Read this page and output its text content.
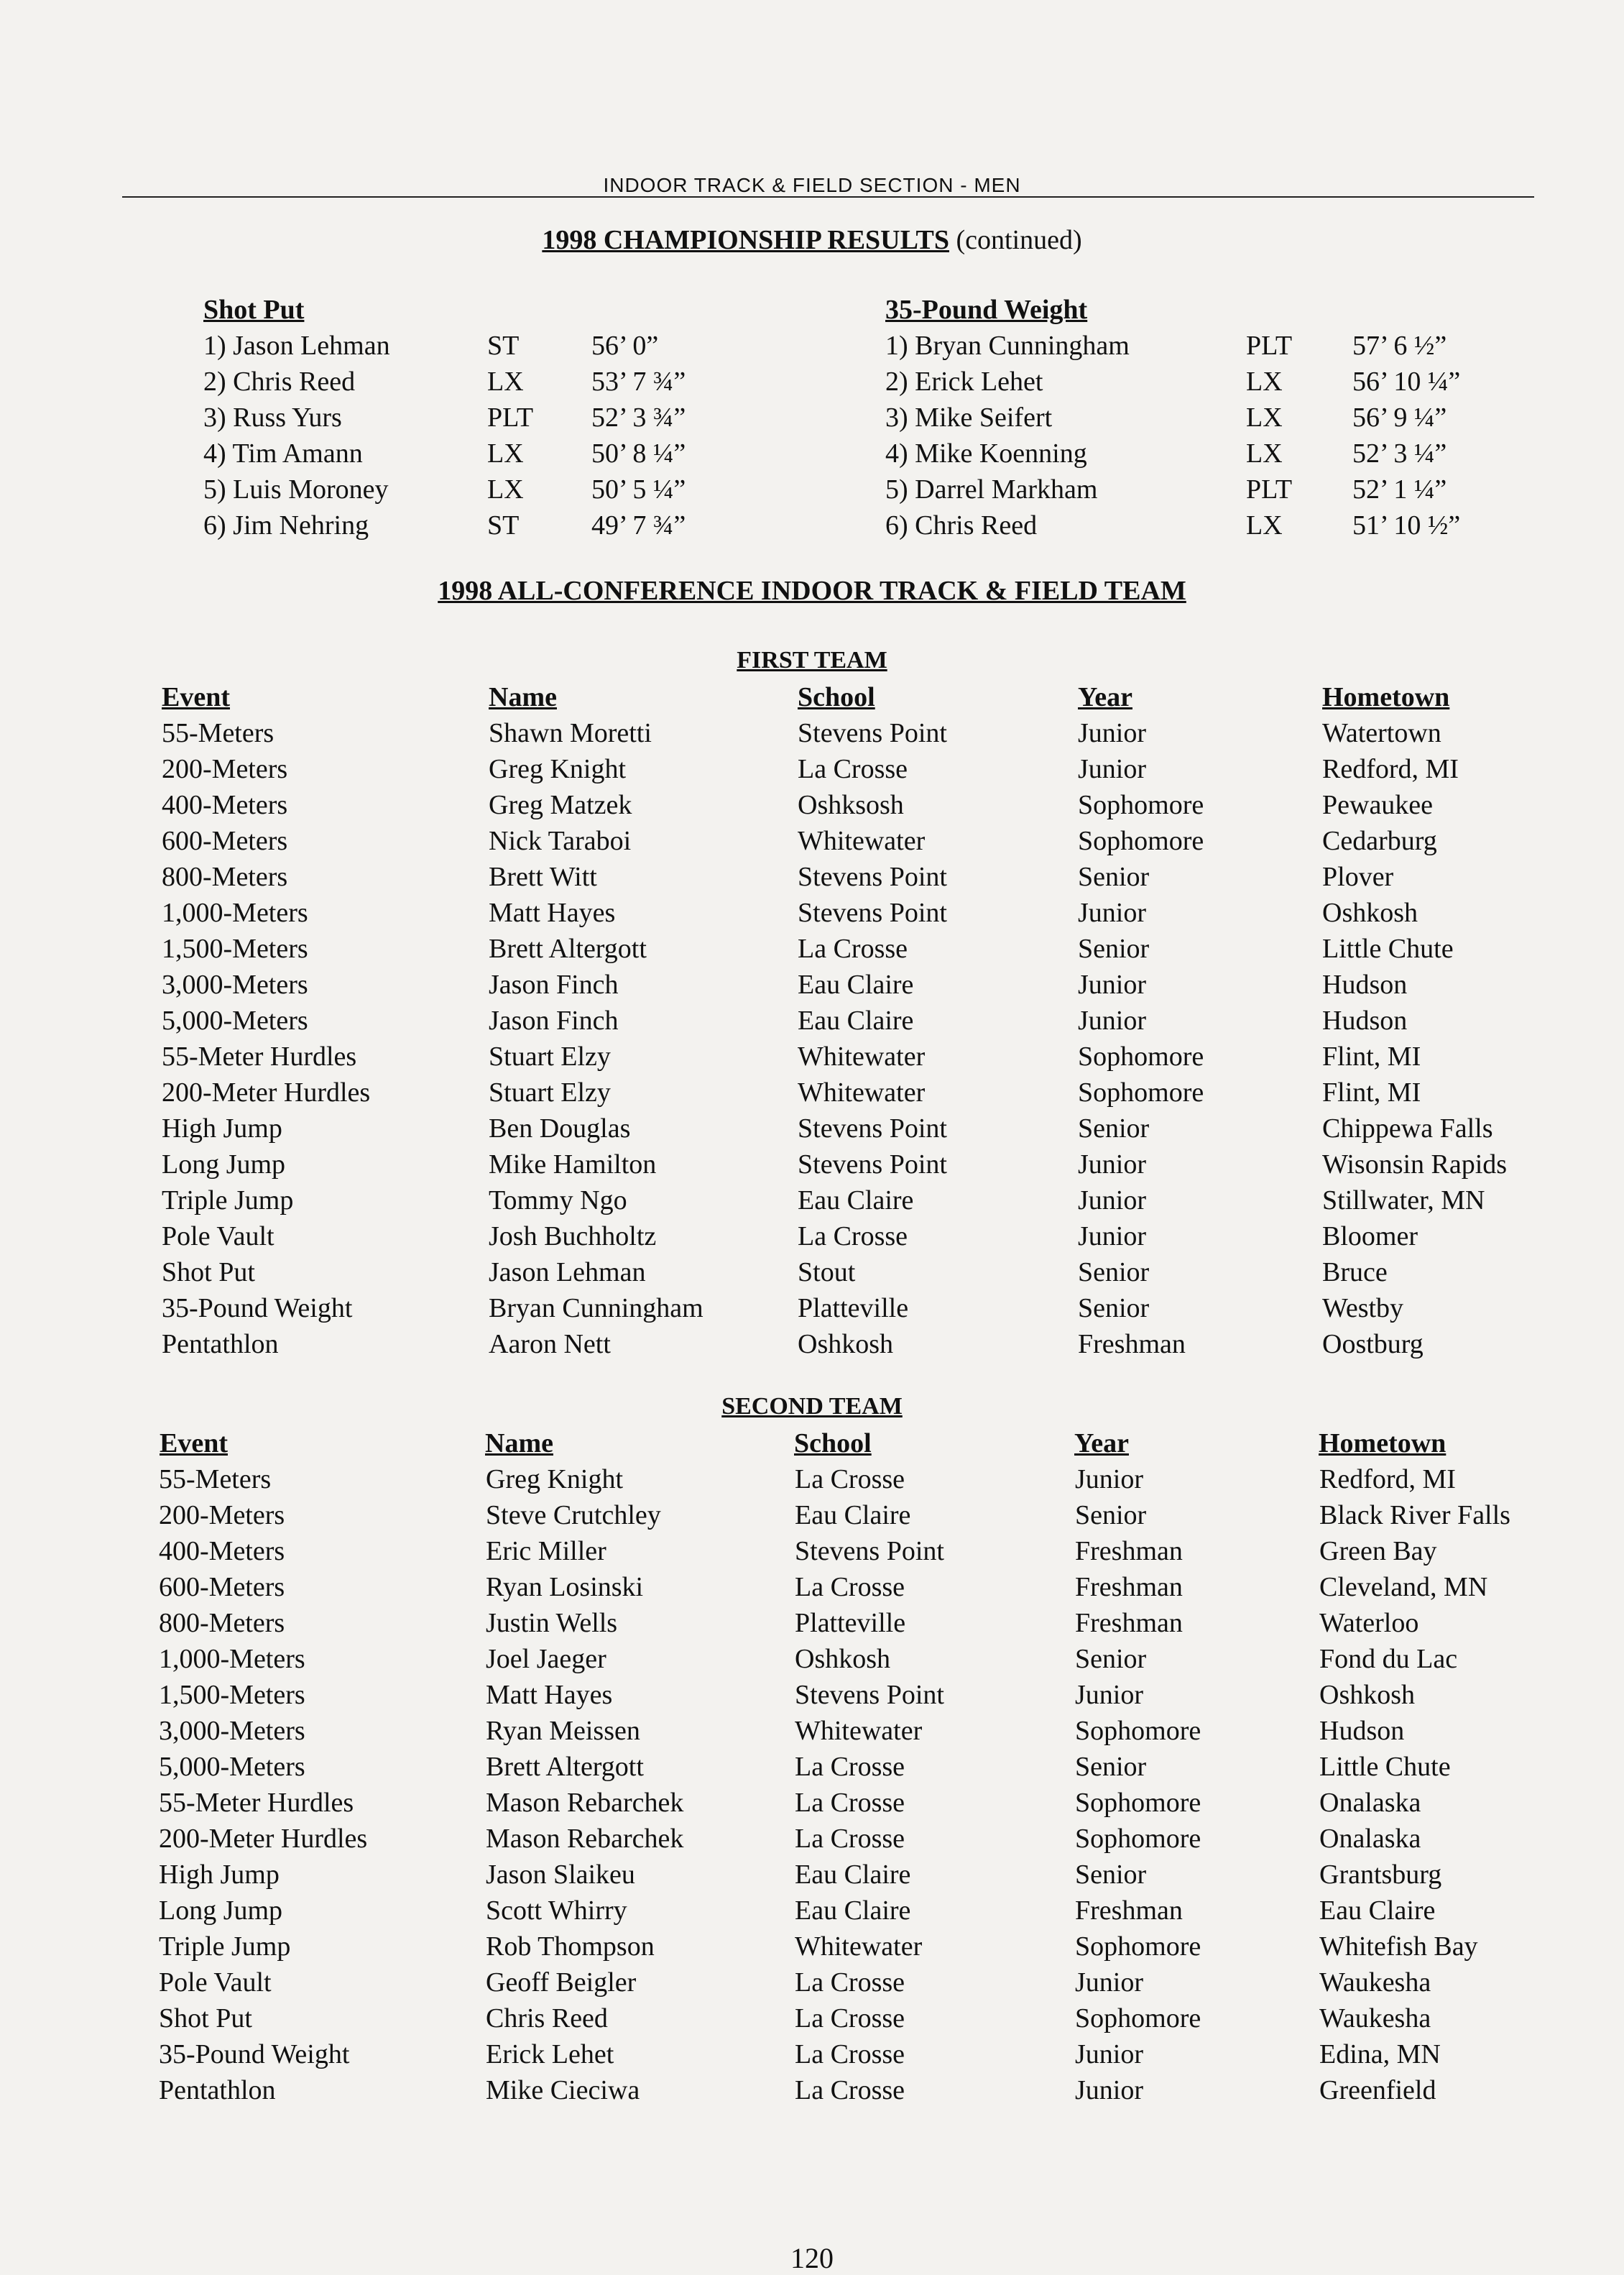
INDOOR TRACK & FIELD SECTION - MEN
1998 CHAMPIONSHIP RESULTS (continued)
Shot Put
1) Jason Lehman	ST	56’ 0”
2) Chris Reed	LX 53’ 7 ¾”
3) Russ Yurs	PLT 52’ 3 ¾”
4) Tim Amann	LX 50’ 8 ¼”
5) Luis Moroney	LX 50’ 5 ¼”
6) Jim Nehring	ST	49’ 7 ¾”
35-Pound Weight
1) Bryan Cunningham	PLT 57’ 6 ½”
2) Erick Lehet	LX	56’ 10 ¼”
3) Mike Seifert	LX	56’ 9 ¼”
4) Mike Koenning	LX	52’ 3 ¼”
5) Darrel Markham	PLT 52’ 1 ¼”
6) Chris Reed	LX	51’ 10 ½”
1998 ALL-CONFERENCE INDOOR TRACK & FIELD TEAM
FIRST TEAM
Event	Name	School	Year	Hometown
55-Meters	Shawn Moretti	Stevens Point	Junior	Watertown
200-Meters	Greg Knight	La Crosse	Junior	Redford, MI
400-Meters	Greg Matzek	Oshksosh	Sophomore	Pewaukee
600-Meters	Nick Taraboi	Whitewater	Sophomore	Cedarburg
800-Meters	Brett Witt	Stevens Point	Senior	Plover
1,000-Meters	Matt Hayes	Stevens Point	Junior	Oshkosh
1,500-Meters	Brett Altergott	La Crosse	Senior	Little Chute
3,000-Meters	Jason Finch	Eau Claire	Junior	Hudson
5,000-Meters	Jason Finch	Eau Claire	Junior	Hudson
55-Meter Hurdles	Stuart Elzy	Whitewater	Sophomore	Flint, MI
200-Meter Hurdles	Stuart Elzy	Whitewater	Sophomore	Flint, MI
High Jump	Ben Douglas	Stevens Point	Senior	Chippewa Falls
Long Jump	Mike Hamilton	Stevens Point	Junior	Wisonsin Rapids
Triple Jump	Tommy Ngo	Eau Claire	Junior	Stillwater, MN
Pole Vault	Josh Buchholtz	La Crosse	Junior	Bloomer
Shot Put	Jason Lehman	Stout	Senior	Bruce
35-Pound Weight	Bryan Cunningham	Platteville	Senior	Westby
Pentathlon	Aaron Nett	Oshkosh	Freshman	Oostburg
SECOND TEAM
Event	Name	School	Year	Hometown
55-Meters	Greg Knight	La Crosse	Junior	Redford, MI
200-Meters	Steve Crutchley	Eau Claire	Senior	Black River Falls
400-Meters	Eric Miller	Stevens Point	Freshman	Green Bay
600-Meters	Ryan Losinski	La Crosse	Freshman	Cleveland, MN
800-Meters	Justin Wells	Platteville	Freshman	Waterloo
1,000-Meters	Joel Jaeger	Oshkosh	Senior	Fond du Lac
1,500-Meters	Matt Hayes	Stevens Point	Junior	Oshkosh
3,000-Meters	Ryan Meissen	Whitewater	Sophomore	Hudson
5,000-Meters	Brett Altergott	La Crosse	Senior	Little Chute
55-Meter Hurdles	Mason Rebarchek	La Crosse	Sophomore	Onalaska
200-Meter Hurdles	Mason Rebarchek	La Crosse	Sophomore	Onalaska
High Jump	Jason Slaikeu	Eau Claire	Senior	Grantsburg
Long Jump	Scott Whirry	Eau Claire	Freshman	Eau Claire
Triple Jump	Rob Thompson	Whitewater	Sophomore	Whitefish Bay
Pole Vault	Geoff Beigler	La Crosse	Junior	Waukesha
Shot Put	Chris Reed	La Crosse	Sophomore	Waukesha
35-Pound Weight	Erick Lehet	La Crosse	Junior	Edina, MN
Pentathlon	Mike Cieciwa	La Crosse	Junior	Greenfield
120
